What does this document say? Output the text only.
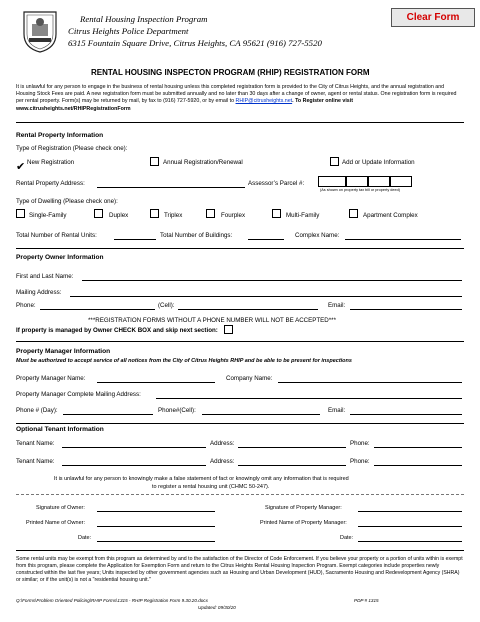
Rental Housing Inspection Program
Citrus Heights Police Department
6315 Fountain Square Drive, Citrus Heights, CA 95621 (916) 727-5520
Clear Form
RENTAL HOUSING INSPECTON PROGRAM (RHIP) REGISTRATION FORM
It is unlawful for any person to engage in the business of rental housing unless this completed registration form is provided to the City of Citrus Heights, and the annual registration and Housing Stock Fees are paid. A new registration form must be submitted annually and no later than 30 days after a change of owner, agent or rental status. One registration form is required per rental property. Form(s) may be returned by mail, by fax to (916) 727-5920, or by email to RHIP@citrusheights.net. To Register online visit www.citrusheights.net/RHIPRegistrationForm
Rental Property Information
Type of Registration (Please check one):
✔ New Registration	Annual Registration/Renewal	Add or Update Information
Rental Property Address:	Assessor’s Parcel #:
(As shown on property tax bill or property deed)
Type of Dwelling (Please check one):
Single-Family	Duplex	Triplex	Fourplex	Multi-Family	Apartment Complex
Total Number of Rental Units:	Total Number of Buildings:	Complex Name:
Property Owner Information
First and Last Name:
Mailing Address:
Phone:	(Cell):	Email:
***REGISTRATION FORMS WITHOUT A PHONE NUMBER WILL NOT BE ACCEPTED***
If property is managed by Owner CHECK BOX and skip next section:
Property Manager Information
Must be authorized to accept service of all notices from the City of Citrus Heights RHIP and be able to be present for inspections
Property Manager Name:	Company Name:
Property Manager Complete Mailing Address:
Phone # (Day):	Phone#(Cell):	Email:
Optional Tenant Information
Tenant Name:	Address:	Phone:
Tenant Name:	Address:	Phone:
It is unlawful for any person to knowingly make a false statement of fact or knowingly omit any information that is required
to register a rental housing unit (CHMC 50-247).
Signature of Owner:	Signature of Property Manager:
Printed Name of Owner:	Printed Name of Property Manager:
Date:	Date:
Some rental units may be exempt from this program as determined by and to the satisfaction of the Director of Code Enforcement. If you believe your property or a portion of units within is exempt from this program, please complete the Application for Exemption Form and return to the Citrus Heights Rental Housing Inspection Program. Exempt categories include properties newly constructed within the last five years; Units inspected by other government agencies such as Housing and Urban Development (HUD), Sacramento Housing and Redevelopment Agency (SHRA) or similar; or if the unit(s) is not a "residential housing unit."
Q:\Forms\Problem Oriented Policing\RHIP Forms\1315 - RHIP Registration Form 9.30.20.docx	PDP # 1315
Updated: 09/30/20
